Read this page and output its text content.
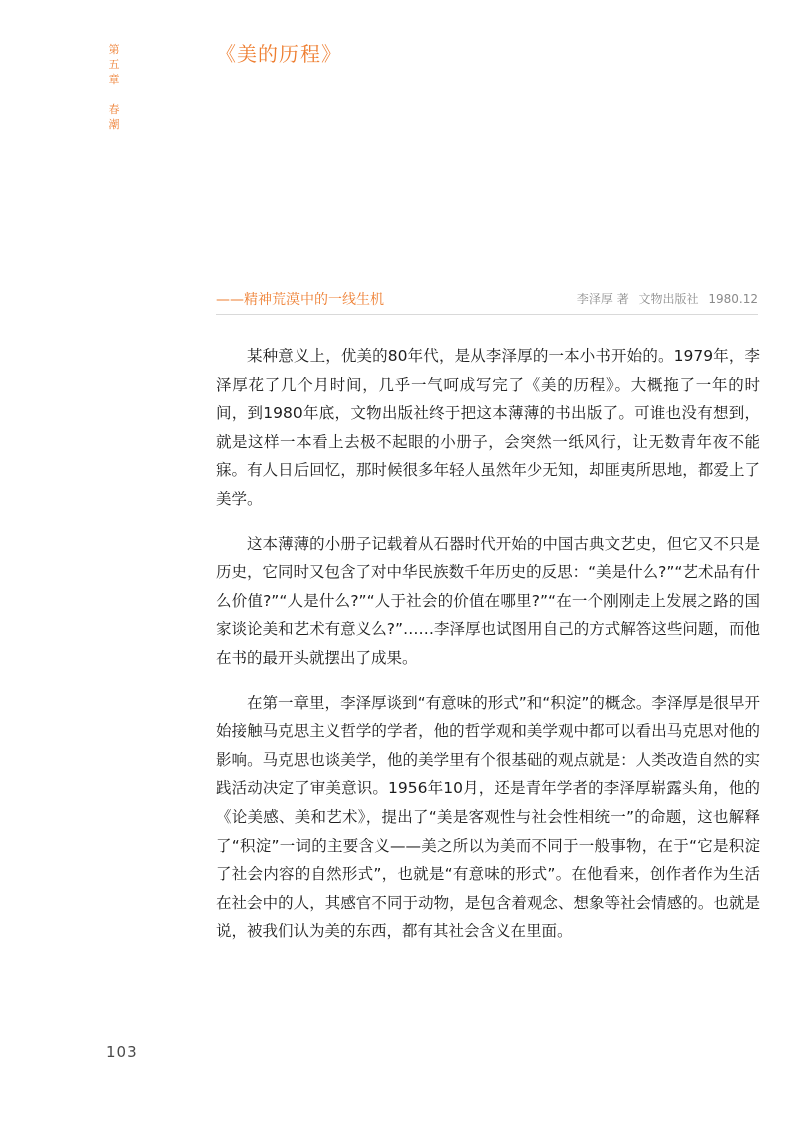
第
五
章
春
潮
《美的历程》
——精神荒漠中的一线生机	李泽厚 著 文物出版社 1980.12

某种意义上，优美的80年代，是从李泽厚的一本小书开始的。1979年，李泽厚花了几个月时间，几乎一气呵成写完了《美的历程》。大概拖了一年的时间，到1980年底，文物出版社终于把这本薄薄的书出版了。可谁也没有想到，就是这样一本看上去极不起眼的小册子，会突然一纸风行，让无数青年夜不能寐。有人日后回忆，那时候很多年轻人虽然年少无知，却匪夷所思地，都爱上了美学。

这本薄薄的小册子记载着从石器时代开始的中国古典文艺史，但它又不只是历史，它同时又包含了对中华民族数千年历史的反思：“美是什么?”“艺术品有什么价值?”“人是什么?”“人于社会的价值在哪里?”“在一个刚刚走上发展之路的国家谈论美和艺术有意义么?”……李泽厚也试图用自己的方式解答这些问题，而他在书的最开头就摆出了成果。

在第一章里，李泽厚谈到“有意味的形式”和“积淀”的概念。李泽厚是很早开始接触马克思主义哲学的学者，他的哲学观和美学观中都可以看出马克思对他的影响。马克思也谈美学，他的美学里有个很基础的观点就是：人类改造自然的实践活动决定了审美意识。1956年10月，还是青年学者的李泽厚崭露头角，他的《论美感、美和艺术》，提出了“美是客观性与社会性相统一”的命题，这也解释了“积淀”一词的主要含义——美之所以为美而不同于一般事物，在于“它是积淀了社会内容的自然形式”，也就是“有意味的形式”。在他看来，创作者作为生活在社会中的人，其感官不同于动物，是包含着观念、想象等社会情感的。也就是说，被我们认为美的东西，都有其社会含义在里面。

103
